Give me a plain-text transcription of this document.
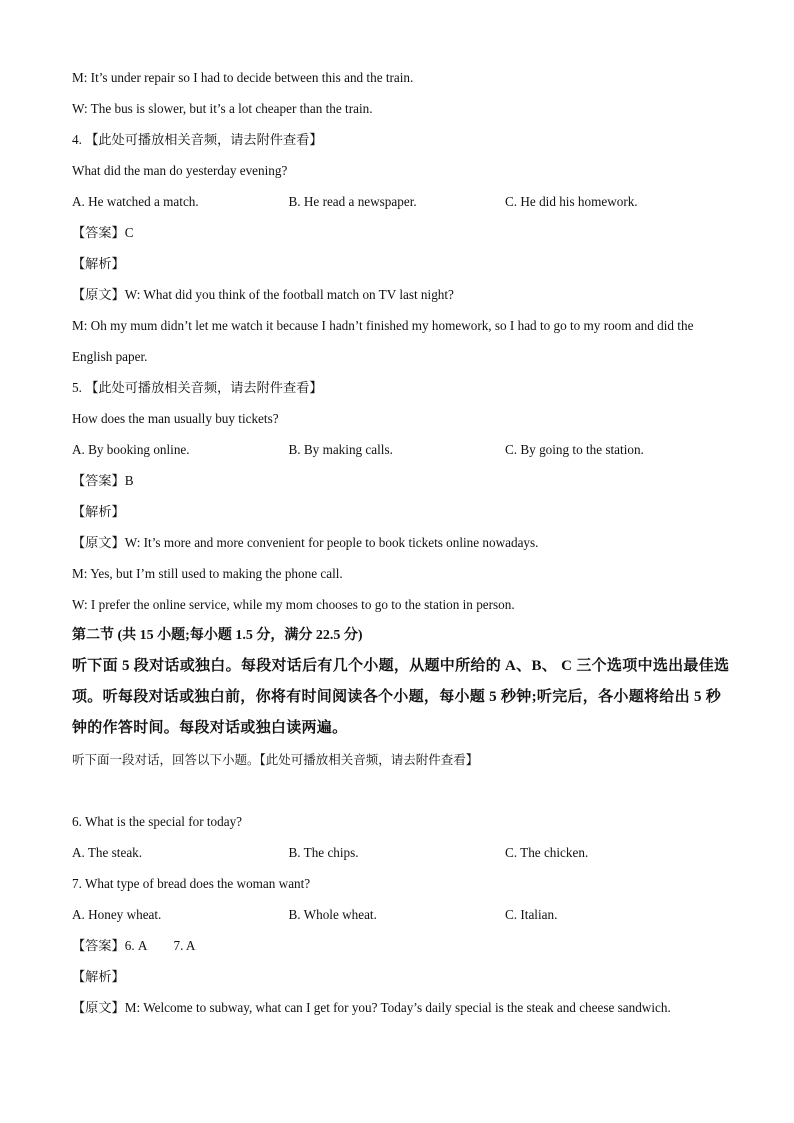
M: It’s under repair so I had to decide between this and the train.
W: The bus is slower, but it’s a lot cheaper than the train.
4. 【此处可播放相关音频，请去附件查看】
What did the man do yesterday evening?
A. He watched a match.	B. He read a newspaper.	C. He did his homework.
【答案】C
【解析】
【原文】W: What did you think of the football match on TV last night?
M: Oh my mum didn’t let me watch it because I hadn’t finished my homework, so I had to go to my room and did the English paper.
5. 【此处可播放相关音频，请去附件查看】
How does the man usually buy tickets?
A. By booking online.	B. By making calls.	C. By going to the station.
【答案】B
【解析】
【原文】W: It’s more and more convenient for people to book tickets online nowadays.
M: Yes, but I’m still used to making the phone call.
W: I prefer the online service, while my mom chooses to go to the station in person.
第二节 (共 15 小题;每小题 1.5 分，满分 22.5 分)
听下面 5 段对话或独白。每段对话后有几个小题，从题中所给的 A、B、 C 三个选项中选出最佳选项。听每段对话或独白前，你将有时间阅读各个小题，每小题 5 秒钟;听完后，各小题将给出 5 秒钟的作答时间。每段对话或独白读两遍。
听下面一段对话，回答以下小题。【此处可播放相关音频，请去附件查看】
6. What is the special for today?
A. The steak.	B. The chips.	C. The chicken.
7. What type of bread does the woman want?
A. Honey wheat.	B. Whole wheat.	C. Italian.
【答案】6. A 7. A
【解析】
【原文】M: Welcome to subway, what can I get for you? Today’s daily special is the steak and cheese sandwich.
